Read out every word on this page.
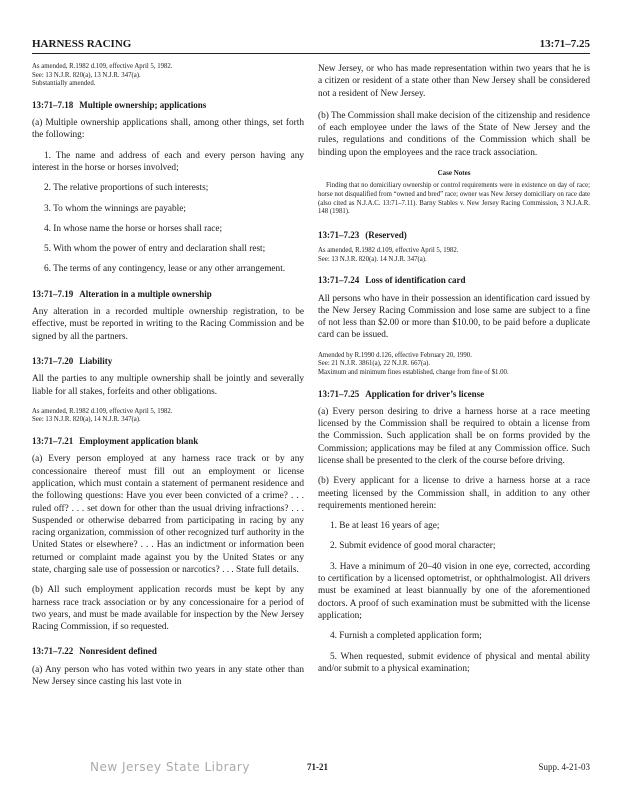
HARNESS RACING	13:71–7.25

As amended, R.1982 d.109, effective April 5, 1982.

See: 13 N.J.R. 820(a), 13 N.J.R. 347(a).

Substantially amended.

13:71–7.18 Multiple ownership; applications

(a) Multiple ownership applications shall, among other things, set forth the following:

1. The name and address of each and every person having any interest in the horse or horses involved;

2. The relative proportions of such interests;

3. To whom the winnings are payable;

4. In whose name the horse or horses shall race;

5. With whom the power of entry and declaration shall rest;

6. The terms of any contingency, lease or any other arrangement.

13:71–7.19 Alteration in a multiple ownership

Any alteration in a recorded multiple ownership registration, to be effective, must be reported in writing to the Racing Commission and be signed by all the partners.

13:71–7.20 Liability

All the parties to any multiple ownership shall be jointly and severally liable for all stakes, forfeits and other obligations.

As amended, R.1982 d.109, effective April 5, 1982.

See: 13 N.J.R. 820(a), 14 N.J.R. 347(a).

13:71–7.21 Employment application blank

(a) Every person employed at any harness race track or by any concessionaire thereof must fill out an employment or license application, which must contain a statement of permanent residence and the following questions: Have you ever been convicted of a crime? . . . ruled off? . . . set down for other than the usual driving infractions? . . . Suspended or otherwise debarred from participating in racing by any racing organization, commission of other recognized turf authority in the United States or elsewhere? . . . Has an indictment or information been returned or complaint made against you by the United States or any state, charging sale use of possession or narcotics? . . . State full details.

(b) All such employment application records must be kept by any harness race track association or by any concessionaire for a period of two years, and must be made available for inspection by the New Jersey Racing Commission, if so requested.

13:71–7.22 Nonresident defined

(a) Any person who has voted within two years in any state other than New Jersey since casting his last vote in

New Jersey, or who has made representation within two years that he is a citizen or resident of a state other than New Jersey shall be considered not a resident of New Jersey.

(b) The Commission shall make decision of the citizenship and residence of each employee under the laws of the State of New Jersey and the rules, regulations and conditions of the Commission which shall be binding upon the employees and the race track association.

Case Notes

Finding that no domiciliary ownership or control requirements were in existence on day of race; horse not disqualified from “owned and bred” race; owner was New Jersey domiciliary on race date (also cited as N.J.A.C. 13:71–7.11). Barny Stables v. New Jersey Racing Commission, 3 N.J.A.R. 148 (1981).

13:71–7.23 (Reserved)

As amended, R.1982 d.109, effective April 5, 1982.

See: 13 N.J.R. 820(a). 14 N.J.R. 347(a).

13:71–7.24 Loss of identification card

All persons who have in their possession an identification card issued by the New Jersey Racing Commission and lose same are subject to a fine of not less than $2.00 or more than $10.00, to be paid before a duplicate card can be issued.

Amended by R.1990 d.126, effective February 20, 1990.

See: 21 N.J.R. 3861(a), 22 N.J.R. 667(a).

Maximum and minimum fines established, change from fine of $1.00.

13:71–7.25 Application for driver’s license

(a) Every person desiring to drive a harness horse at a race meeting licensed by the Commission shall be required to obtain a license from the Commission. Such application shall be on forms provided by the Commission; applications may be filed at any Commission office. Such license shall be presented to the clerk of the course before driving.

(b) Every applicant for a license to drive a harness horse at a race meeting licensed by the Commission shall, in addition to any other requirements mentioned herein:

1. Be at least 16 years of age;

2. Submit evidence of good moral character;

3. Have a minimum of 20–40 vision in one eye, corrected, according to certification by a licensed optometrist, or ophthalmologist. All drivers must be examined at least biannually by one of the aforementioned doctors. A proof of such examination must be submitted with the license application;

4. Furnish a completed application form;

5. When requested, submit evidence of physical and mental ability and/or submit to a physical examination;

New Jersey State Library	71-21	Supp. 4-21-03
